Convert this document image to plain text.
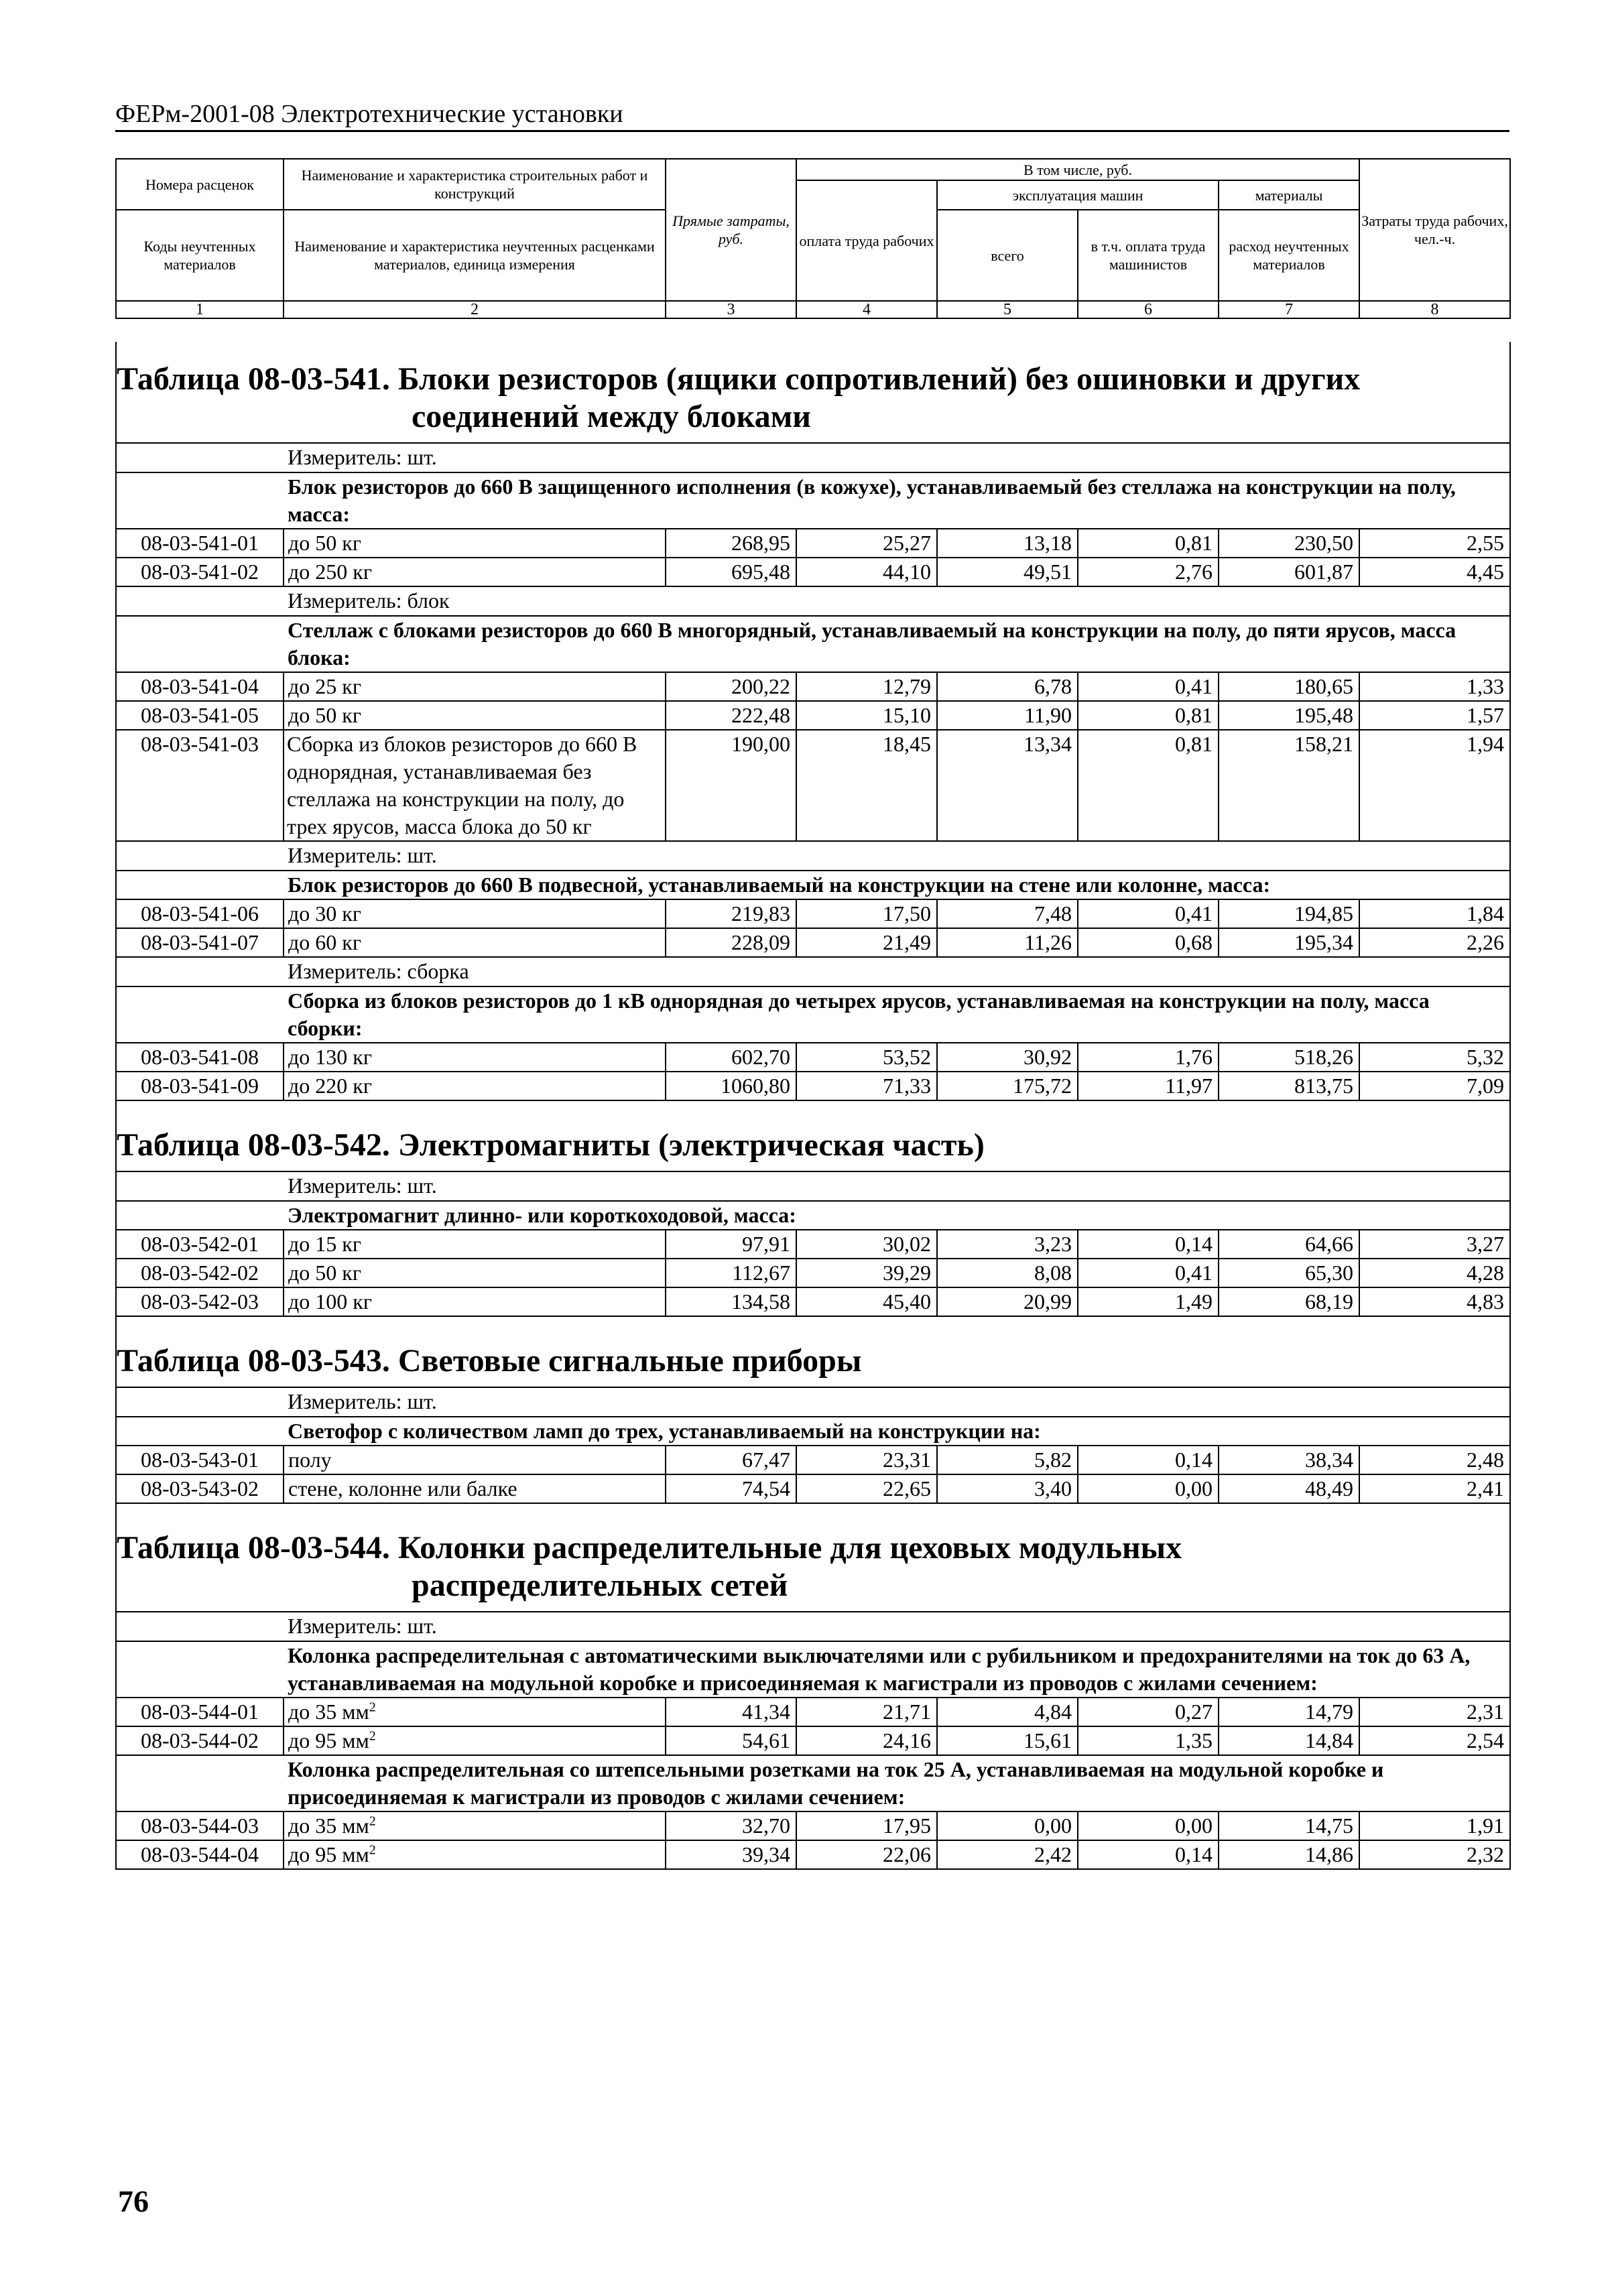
ФЕРм-2001-08 Электротехнические установки
Номера расценок	Наименование и характеристика строительных работ и конструкций	Прямые затраты, руб.	В том числе, руб.				Затраты труда рабочих, чел.-ч.
			оплата труда рабочих	эксплуатация машин		материалы	
Коды неучтенных материалов	Наименование и характеристика неучтенных расценками материалов, единица измерения			всего	в т.ч. оплата труда машинистов	расход неучтенных материалов	

1	2	3	4	5	6	7	8
Таблица 08-03-541. Блоки резисторов (ящики сопротивлений) без ошиновки и других
соединений между блоками							

	Измеритель: шт.						
	Блок резисторов до 660 В защищенного исполнения (в кожухе), устанавливаемый без стеллажа на конструкции на полу, масса:						
08-03-541-01	до 50 кг	268,95	25,27	13,18	0,81	230,50	2,55
08-03-541-02	до 250 кг	695,48	44,10	49,51	2,76	601,87	4,45
	Измеритель: блок						
	Стеллаж с блоками резисторов до 660 В многорядный, устанавливаемый на конструкции на полу, до пяти ярусов, масса блока:						
08-03-541-04	до 25 кг	200,22	12,79	6,78	0,41	180,65	1,33
08-03-541-05	до 50 кг	222,48	15,10	11,90	0,81	195,48	1,57
08-03-541-03	Сборка из блоков резисторов до 660 В однорядная, устанавливаемая без стеллажа на конструкции на полу, до трех ярусов, масса блока до 50 кг	190,00	18,45	13,34	0,81	158,21	1,94
	Измеритель: шт.						
	Блок резисторов до 660 В подвесной, устанавливаемый на конструкции на стене или колонне, масса:						
08-03-541-06	до 30 кг	219,83	17,50	7,48	0,41	194,85	1,84
08-03-541-07	до 60 кг	228,09	21,49	11,26	0,68	195,34	2,26
	Измеритель: сборка						
	Сборка из блоков резисторов до 1 кВ однорядная до четырех ярусов, устанавливаемая на конструкции на полу, масса сборки:						
08-03-541-08	до 130 кг	602,70	53,52	30,92	1,76	518,26	5,32
08-03-541-09	до 220 кг	1060,80	71,33	175,72	11,97	813,75	7,09

Таблица 08-03-542. Электромагниты (электрическая часть)							
	Измеритель: шт.						
	Электромагнит длинно- или короткоходовой, масса:						
08-03-542-01	до 15 кг	97,91	30,02	3,23	0,14	64,66	3,27
08-03-542-02	до 50 кг	112,67	39,29	8,08	0,41	65,30	4,28
08-03-542-03	до 100 кг	134,58	45,40	20,99	1,49	68,19	4,83

Таблица 08-03-543. Световые сигнальные приборы							
	Измеритель: шт.						
	Светофор с количеством ламп до трех, устанавливаемый на конструкции на:						
08-03-543-01	полу	67,47	23,31	5,82	0,14	38,34	2,48
08-03-543-02	стене, колонне или балке	74,54	22,65	3,40	0,00	48,49	2,41

Таблица 08-03-544. Колонки распределительные для цеховых модульных
распределительных сетей							

	Измеритель: шт.						
	Колонка распределительная с автоматическими выключателями или с рубильником и предохранителями на ток до 63 А, устанавливаемая на модульной коробке и присоединяемая к магистрали из проводов с жилами сечением:						
08-03-544-01	до 35 $мм^2$	41,34	21,71	4,84	0,27	14,79	2,31
08-03-544-02	до 95 $мм^2$	54,61	24,16	15,61	1,35	14,84	2,54
	Колонка распределительная со штепсельными розетками на ток 25 А, устанавливаемая на модульной коробке и присоединяемая к магистрали из проводов с жилами сечением:						
08-03-544-03	до 35 $мм^2$	32,70	17,95	0,00	0,00	14,75	1,91
08-03-544-04	до 95 $мм^2$	39,34	22,06	2,42	0,14	14,86	2,32
76
